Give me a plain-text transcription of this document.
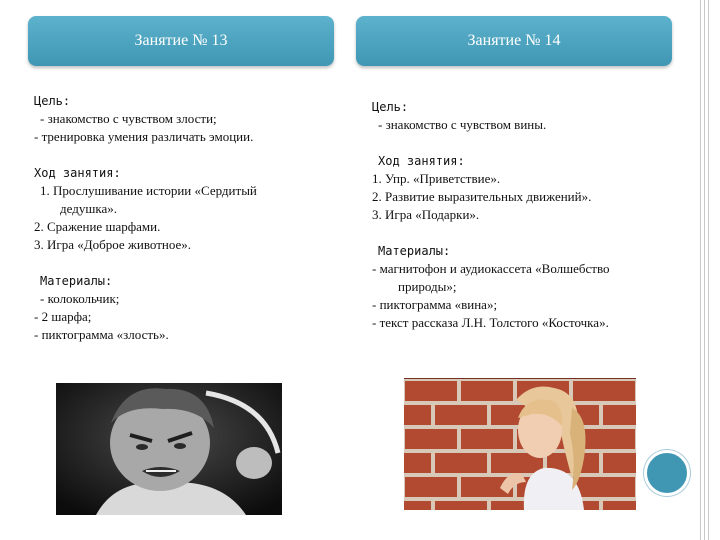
Занятие № 13	Занятие № 14
Цель:
- знакомство с чувством злости;
- тренировка умения различать эмоции.
Ход занятия:
1. Прослушивание истории «Сердитый
дедушка».
2. Сражение шарфами.
3. Игра «Доброе животное».
Материалы:
- колокольчик;
- 2 шарфа;
- пиктограмма «злость».
Цель:
- знакомство с чувством вины.
Ход занятия:
1. Упр. «Приветствие».
2. Развитие выразительных движений».
3. Игра «Подарки».
Материалы:
- магнитофон и аудиокассета «Волшебство
природы»;
- пиктограмма «вина»;
- текст рассказа Л.Н. Толстого «Косточка».
